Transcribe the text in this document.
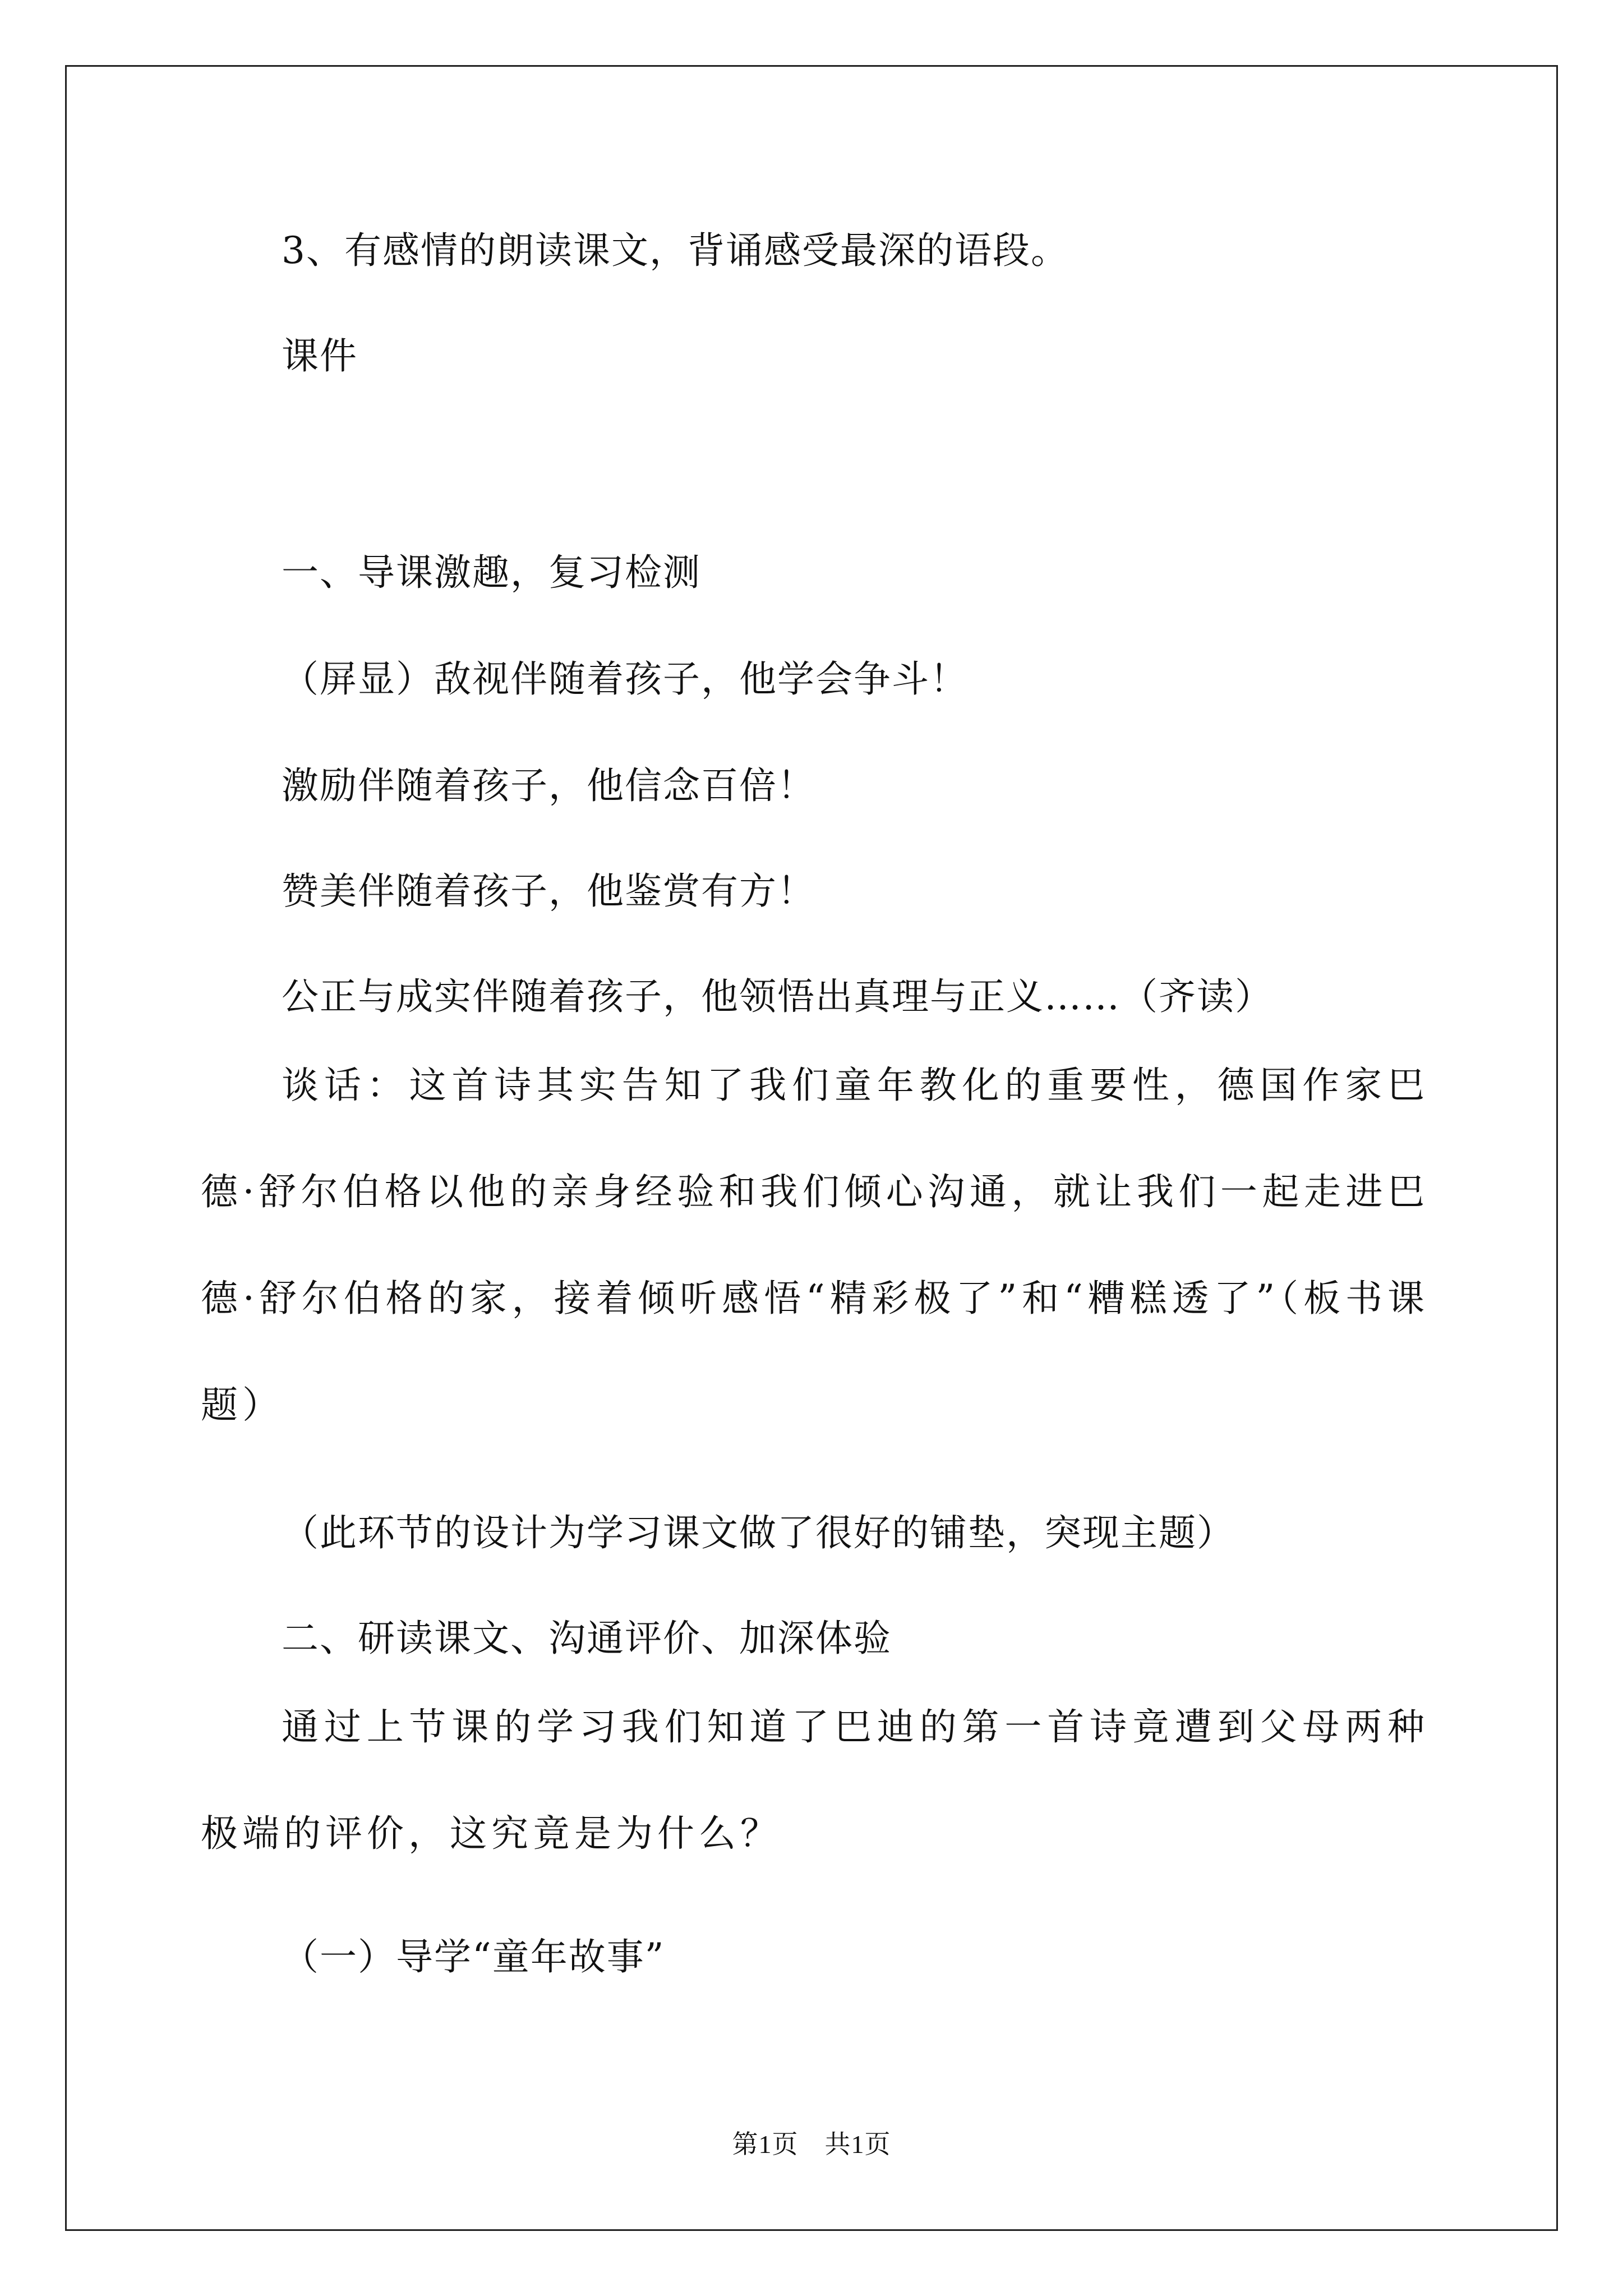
3、有感情的朗读课文，背诵感受最深的语段。
课件
一、导课激趣，复习检测
（屏显）敌视伴随着孩子，他学会争斗！
激励伴随着孩子，他信念百倍！
赞美伴随着孩子，他鉴赏有方！
公正与成实伴随着孩子，他领悟出真理与正义……（齐读）
谈话：这首诗其实告知了我们童年教化的重要性，德国作家巴德·舒尔伯格以他的亲身经验和我们倾心沟通，就让我们一起走进巴德·舒尔伯格的家，接着倾听感悟“精彩极了”和“糟糕透了”（板书课题）
（此环节的设计为学习课文做了很好的铺垫，突现主题）
二、研读课文、沟通评价、加深体验
通过上节课的学习我们知道了巴迪的第一首诗竟遭到父母两种极端的评价，这究竟是为什么？
（一）导学“童年故事”
第1页　共1页
